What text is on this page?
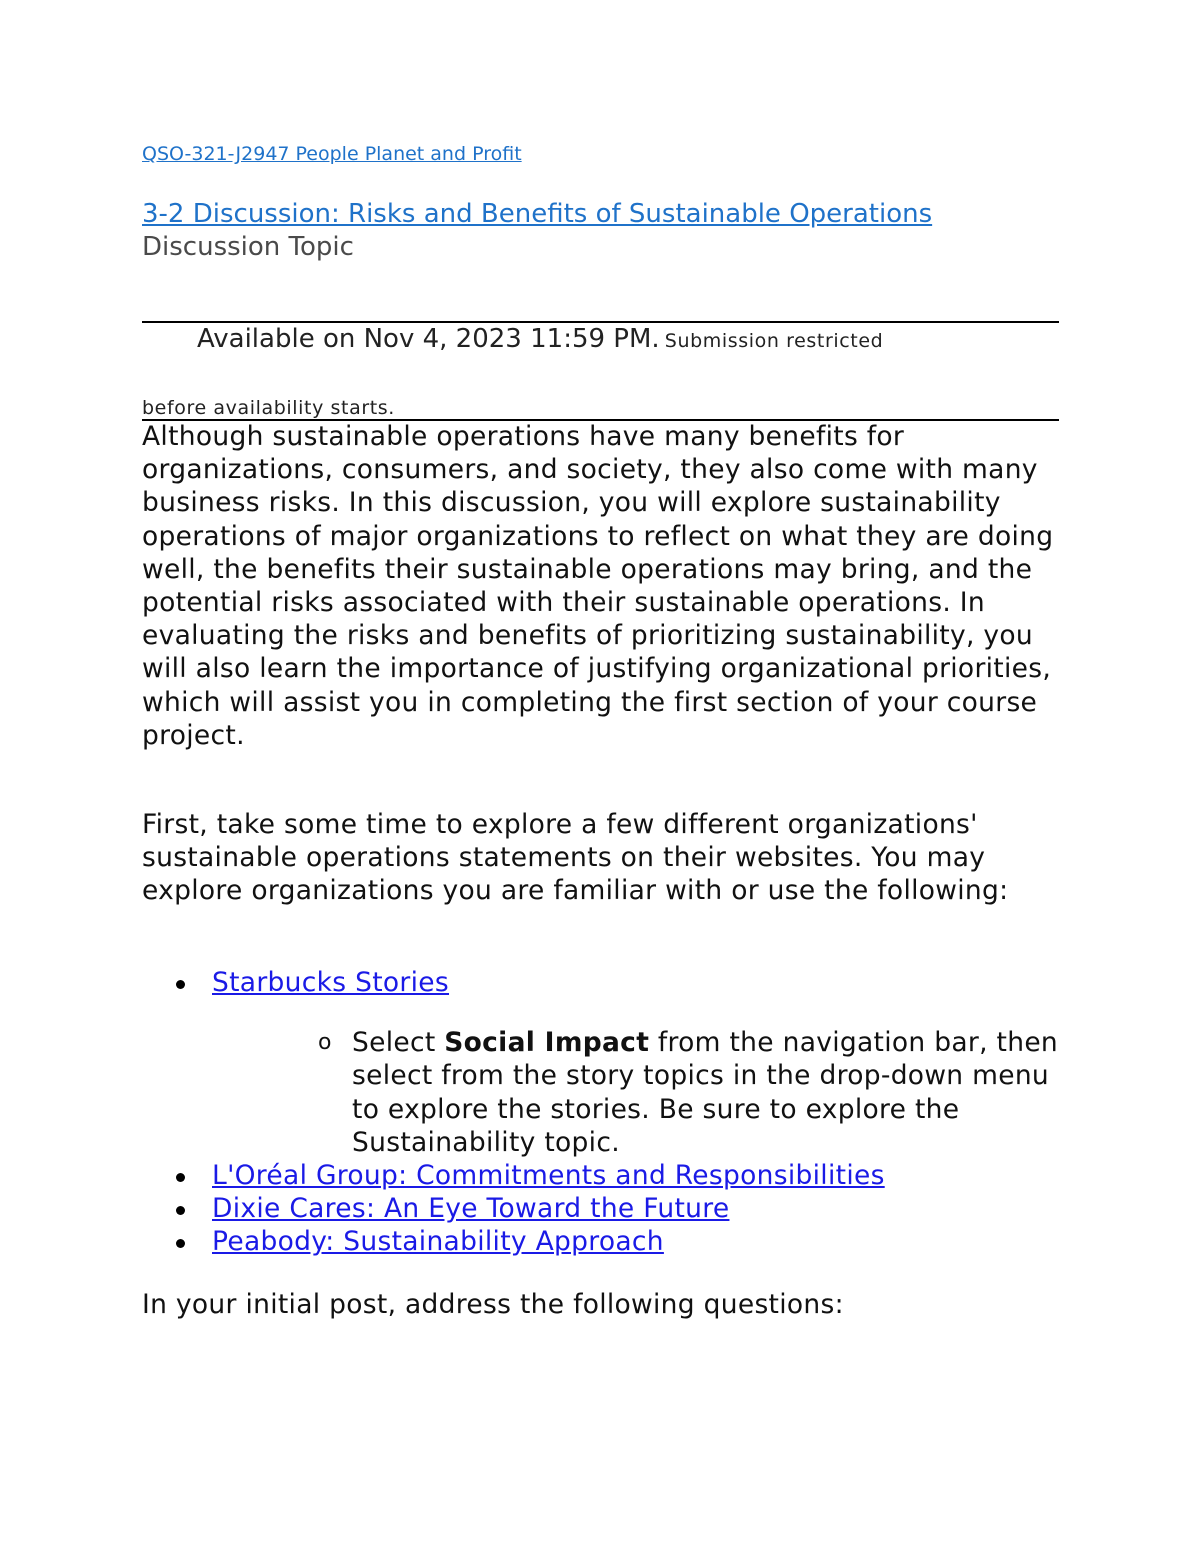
QSO-321-J2947 People Planet and Profit
3-2 Discussion: Risks and Benefits of Sustainable Operations
Discussion Topic
Available on Nov 4, 2023 11:59 PM. Submission restricted
before availability starts.

Although sustainable operations have many benefits for organizations, consumers, and society, they also come with many business risks. In this discussion, you will explore sustainability operations of major organizations to reflect on what they are doing well, the benefits their sustainable operations may bring, and the potential risks associated with their sustainable operations. In evaluating the risks and benefits of prioritizing sustainability, you will also learn the importance of justifying organizational priorities, which will assist you in completing the first section of your course project.

First, take some time to explore a few different organizations' sustainable operations statements on their websites. You may explore organizations you are familiar with or use the following:

Starbucks Stories
o Select Social Impact from the navigation bar, then select from the story topics in the drop-down menu to explore the stories. Be sure to explore the Sustainability topic.
L'Oréal Group: Commitments and Responsibilities
Dixie Cares: An Eye Toward the Future
Peabody: Sustainability Approach

In your initial post, address the following questions:
